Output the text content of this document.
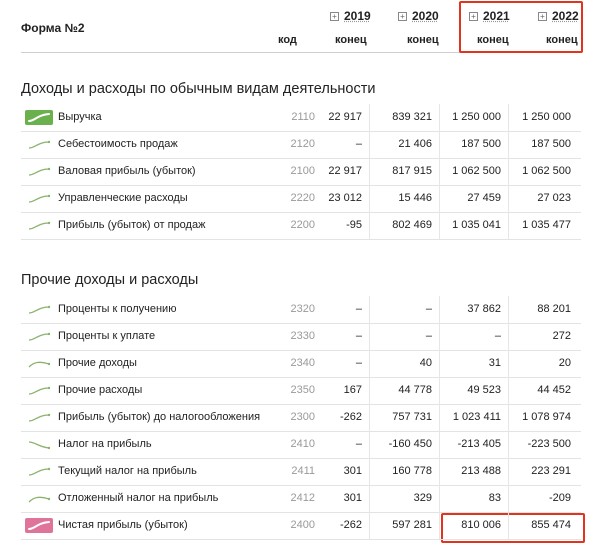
Форма №2
код
+ 2019	+ 2020	+ 2021	+ 2022
конец	конец	конец	конец
Доходы и расходы по обычным видам деятельности
Выручка	2110	22 917	839 321	1 250 000	1 250 000
Себестоимость продаж	2120	–	21 406	187 500	187 500
Валовая прибыль (убыток)	2100	22 917	817 915	1 062 500	1 062 500
Управленческие расходы	2220	23 012	15 446	27 459	27 023
Прибыль (убыток) от продаж	2200	-95	802 469	1 035 041	1 035 477
Прочие доходы и расходы
Проценты к получению	2320	–	–	37 862	88 201
Проценты к уплате	2330	–	–	–	272
Прочие доходы	2340	–	40	31	20
Прочие расходы	2350	167	44 778	49 523	44 452
Прибыль (убыток) до налогообложения	2300	-262	757 731	1 023 411	1 078 974
Налог на прибыль	2410	–	-160 450	-213 405	-223 500
Текущий налог на прибыль	2411	301	160 778	213 488	223 291
Отложенный налог на прибыль	2412	301	329	83	-209
Чистая прибыль (убыток)	2400	-262	597 281	810 006	855 474
